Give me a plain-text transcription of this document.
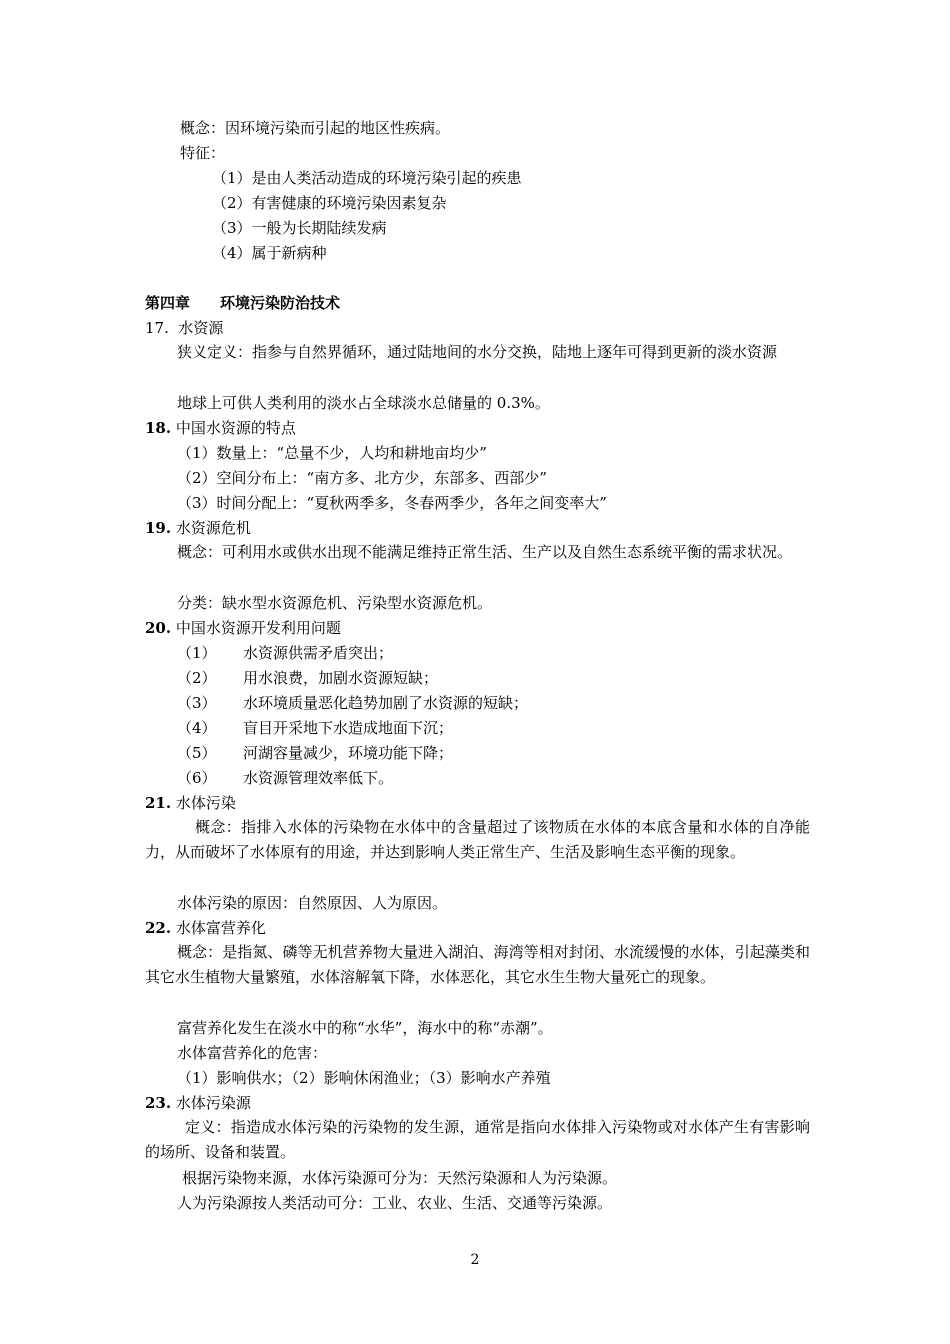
概念：因环境污染而引起的地区性疾病。
特征：
（1）是由人类活动造成的环境污染引起的疾患
（2）有害健康的环境污染因素复杂
（3）一般为长期陆续发病
（4）属于新病种
第四章 环境污染防治技术
17. 水资源
狭义定义：指参与自然界循环，通过陆地间的水分交换，陆地上逐年可得到更新的淡水资源
地球上可供人类利用的淡水占全球淡水总储量的 0.3%。
18. 中国水资源的特点
（1）数量上：“总量不少，人均和耕地亩均少”
（2）空间分布上：“南方多、北方少，东部多、西部少”
（3）时间分配上：“夏秋两季多，冬春两季少，各年之间变率大”
19. 水资源危机
概念：可利用水或供水出现不能满足维持正常生活、生产以及自然生态系统平衡的需求状况。
分类：缺水型水资源危机、污染型水资源危机。
20. 中国水资源开发利用问题
（1） 水资源供需矛盾突出；
（2） 用水浪费，加剧水资源短缺；
（3） 水环境质量恶化趋势加剧了水资源的短缺；
（4） 盲目开采地下水造成地面下沉；
（5） 河湖容量减少，环境功能下降；
（6） 水资源管理效率低下。
21. 水体污染
概念：指排入水体的污染物在水体中的含量超过了该物质在水体的本底含量和水体的自净能力，从而破坏了水体原有的用途，并达到影响人类正常生产、生活及影响生态平衡的现象。
水体污染的原因：自然原因、人为原因。
22. 水体富营养化
概念：是指氮、磷等无机营养物大量进入湖泊、海湾等相对封闭、水流缓慢的水体，引起藻类和其它水生植物大量繁殖，水体溶解氧下降，水体恶化，其它水生生物大量死亡的现象。
富营养化发生在淡水中的称“水华”，海水中的称“赤潮”。
水体富营养化的危害：
（1）影响供水；（2）影响休闲渔业；（3）影响水产养殖
23. 水体污染源
定义：指造成水体污染的污染物的发生源，通常是指向水体排入污染物或对水体产生有害影响的场所、设备和装置。
根据污染物来源，水体污染源可分为：天然污染源和人为污染源。
人为污染源按人类活动可分：工业、农业、生活、交通等污染源。
2
